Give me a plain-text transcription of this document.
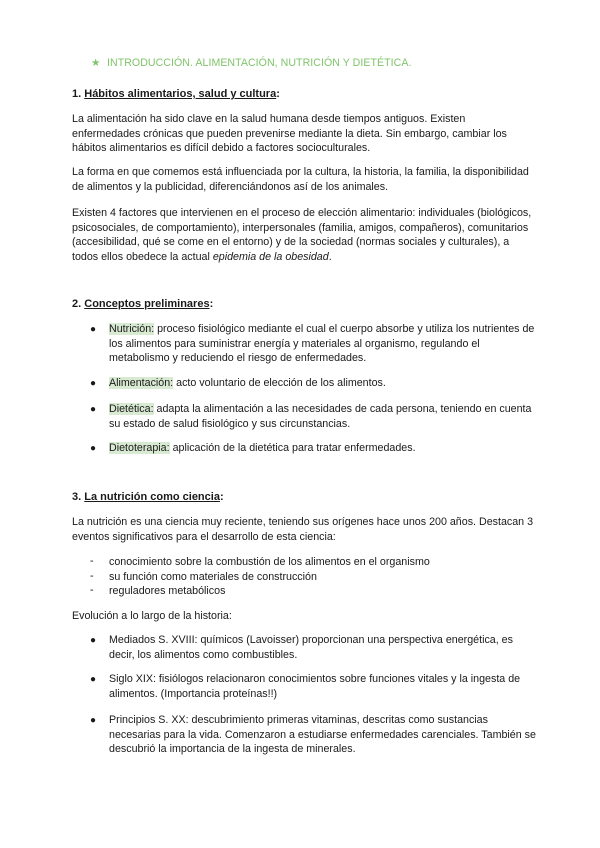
★ INTRODUCCIÓN. ALIMENTACIÓN, NUTRICIÓN Y DIETÉTICA.
1. Hábitos alimentarios, salud y cultura:
La alimentación ha sido clave en la salud humana desde tiempos antiguos. Existen enfermedades crónicas que pueden prevenirse mediante la dieta. Sin embargo, cambiar los hábitos alimentarios es difícil debido a factores socioculturales.
La forma en que comemos está influenciada por la cultura, la historia, la familia, la disponibilidad de alimentos y la publicidad, diferenciándonos así de los animales.
Existen 4 factores que intervienen en el proceso de elección alimentario: individuales (biológicos, psicosociales, de comportamiento), interpersonales (familia, amigos, compañeros), comunitarios (accesibilidad, qué se come en el entorno) y de la sociedad (normas sociales y culturales), a todos ellos obedece la actual epidemia de la obesidad.
2. Conceptos preliminares:
● Nutrición: proceso fisiológico mediante el cual el cuerpo absorbe y utiliza los nutrientes de los alimentos para suministrar energía y materiales al organismo, regulando el metabolismo y reduciendo el riesgo de enfermedades.
● Alimentación: acto voluntario de elección de los alimentos.
● Dietética: adapta la alimentación a las necesidades de cada persona, teniendo en cuenta su estado de salud fisiológico y sus circunstancias.
● Dietoterapia: aplicación de la dietética para tratar enfermedades.
3. La nutrición como ciencia:
La nutrición es una ciencia muy reciente, teniendo sus orígenes hace unos 200 años. Destacan 3 eventos significativos para el desarrollo de esta ciencia:
- conocimiento sobre la combustión de los alimentos en el organismo
- su función como materiales de construcción
- reguladores metabólicos
Evolución a lo largo de la historia:
● Mediados S. XVIII: químicos (Lavoisser) proporcionan una perspectiva energética, es decir, los alimentos como combustibles.
● Siglo XIX: fisiólogos relacionaron conocimientos sobre funciones vitales y la ingesta de alimentos. (Importancia proteínas!!)
● Principios S. XX: descubrimiento primeras vitaminas, descritas como sustancias necesarias para la vida. Comenzaron a estudiarse enfermedades carenciales. También se descubrió la importancia de la ingesta de minerales.
